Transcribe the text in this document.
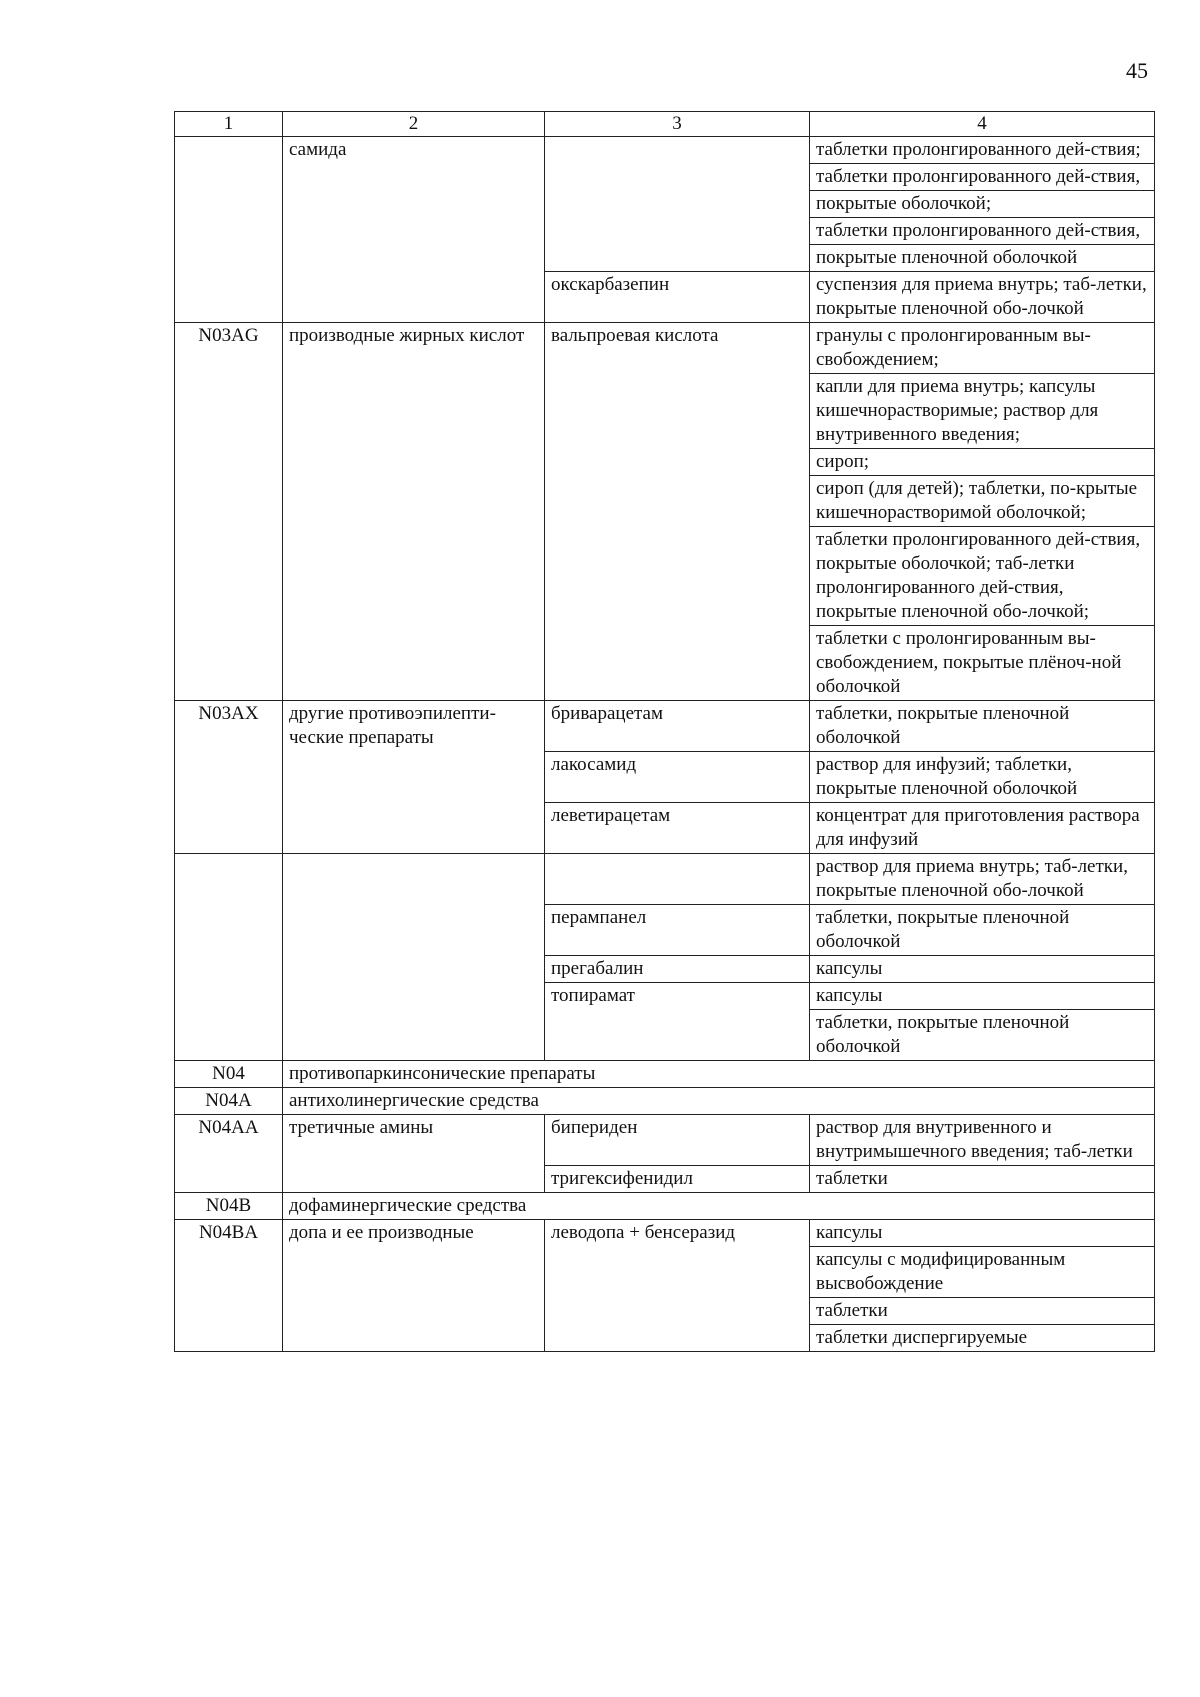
45
1	2	3	4
	самида		таблетки пролонгированного дей-ствия;
			таблетки пролонгированного дей-ствия,
			покрытые оболочкой;
			таблетки пролонгированного дей-ствия,
			покрытые пленочной оболочкой
		окскарбазепин	суспензия для приема внутрь; таб-летки, покрытые пленочной обо-лочкой
N03AG	производные жирных кислот	вальпроевая кислота	гранулы с пролонгированным вы-свобождением;
			капли для приема внутрь; капсулы кишечнорастворимые; раствор для внутривенного введения;
			сироп;
			сироп (для детей); таблетки, по-крытые кишечнорастворимой оболочкой;
			таблетки пролонгированного дей-ствия, покрытые оболочкой; таб-летки пролонгированного дей-ствия, покрытые пленочной обо-лочкой;
			таблетки с пролонгированным вы-свобождением, покрытые плёноч-ной оболочкой
N03AX	другие противоэпилепти-ческие препараты	бриварацетам	таблетки, покрытые пленочной оболочкой
		лакосамид	раствор для инфузий; таблетки, покрытые пленочной оболочкой
		леветирацетам	концентрат для приготовления раствора для инфузий
			раствор для приема внутрь; таб-летки, покрытые пленочной обо-лочкой
		перампанел	таблетки, покрытые пленочной оболочкой
		прегабалин	капсулы
		топирамат	капсулы
			таблетки, покрытые пленочной оболочкой
N04	противопаркинсонические препараты		
N04A	антихолинергические средства		
N04AA	третичные амины	бипериден	раствор для внутривенного и внутримышечного введения; таб-летки
		тригексифенидил	таблетки
N04B	дофаминергические средства		
N04BA	допа и ее производные	леводопа + бенсеразид	капсулы
			капсулы с модифицированным высвобождение
			таблетки
			таблетки диспергируемые
